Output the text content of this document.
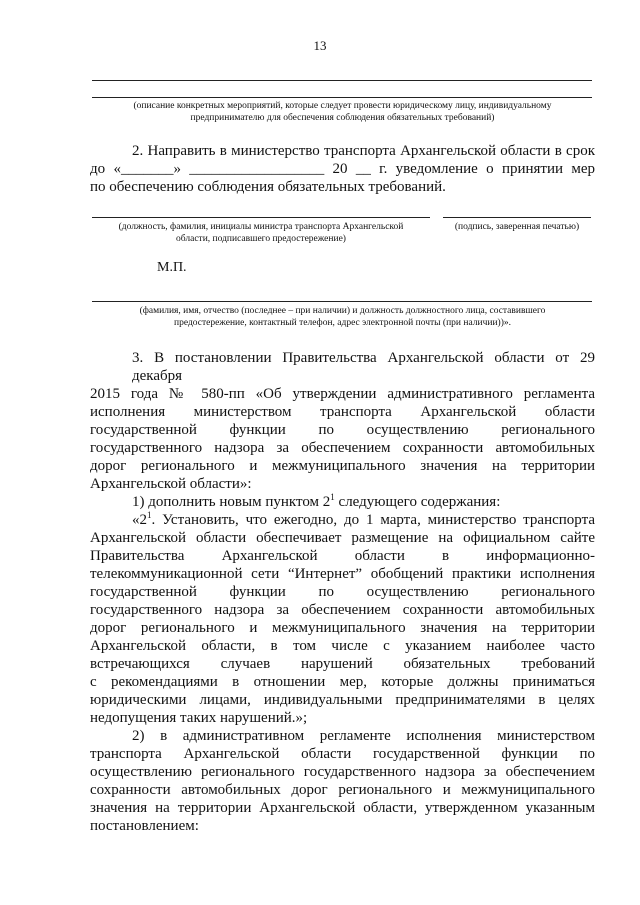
13
(описание конкретных мероприятий, которые следует провести юридическому лицу, индивидуальному
предпринимателю для обеспечения соблюдения обязательных требований)
2. Направить в министерство транспорта Архангельской области в срок
до «_______» __________________ 20 __ г. уведомление о принятии мер
по обеспечению соблюдения обязательных требований.
(должность, фамилия, инициалы министра транспорта Архангельской
области, подписавшего предостережение)
(подпись, заверенная печатью)
М.П.
(фамилия, имя, отчество (последнее – при наличии) и должность должностного лица, составившего
предостережение, контактный телефон, адрес электронной почты (при наличии))».
3. В постановлении Правительства Архангельской области от 29 декабря
2015 года № 580-пп «Об утверждении административного регламента
исполнения министерством транспорта Архангельской области
государственной функции по осуществлению регионального
государственного надзора за обеспечением сохранности автомобильных
дорог регионального и межмуниципального значения на территории
Архангельской области»:
1) дополнить новым пунктом $2^1$ следующего содержания:
«$2^1$. Установить, что ежегодно, до 1 марта, министерство транспорта
Архангельской области обеспечивает размещение на официальном сайте
Правительства Архангельской области в информационно-
телекоммуникационной сети “Интернет” обобщений практики исполнения
государственной функции по осуществлению регионального
государственного надзора за обеспечением сохранности автомобильных
дорог регионального и межмуниципального значения на территории
Архангельской области, в том числе с указанием наиболее часто
встречающихся случаев нарушений обязательных требований
с рекомендациями в отношении мер, которые должны приниматься
юридическими лицами, индивидуальными предпринимателями в целях
недопущения таких нарушений.»;
2) в административном регламенте исполнения министерством
транспорта Архангельской области государственной функции по
осуществлению регионального государственного надзора за обеспечением
сохранности автомобильных дорог регионального и межмуниципального
значения на территории Архангельской области, утвержденном указанным
постановлением:
